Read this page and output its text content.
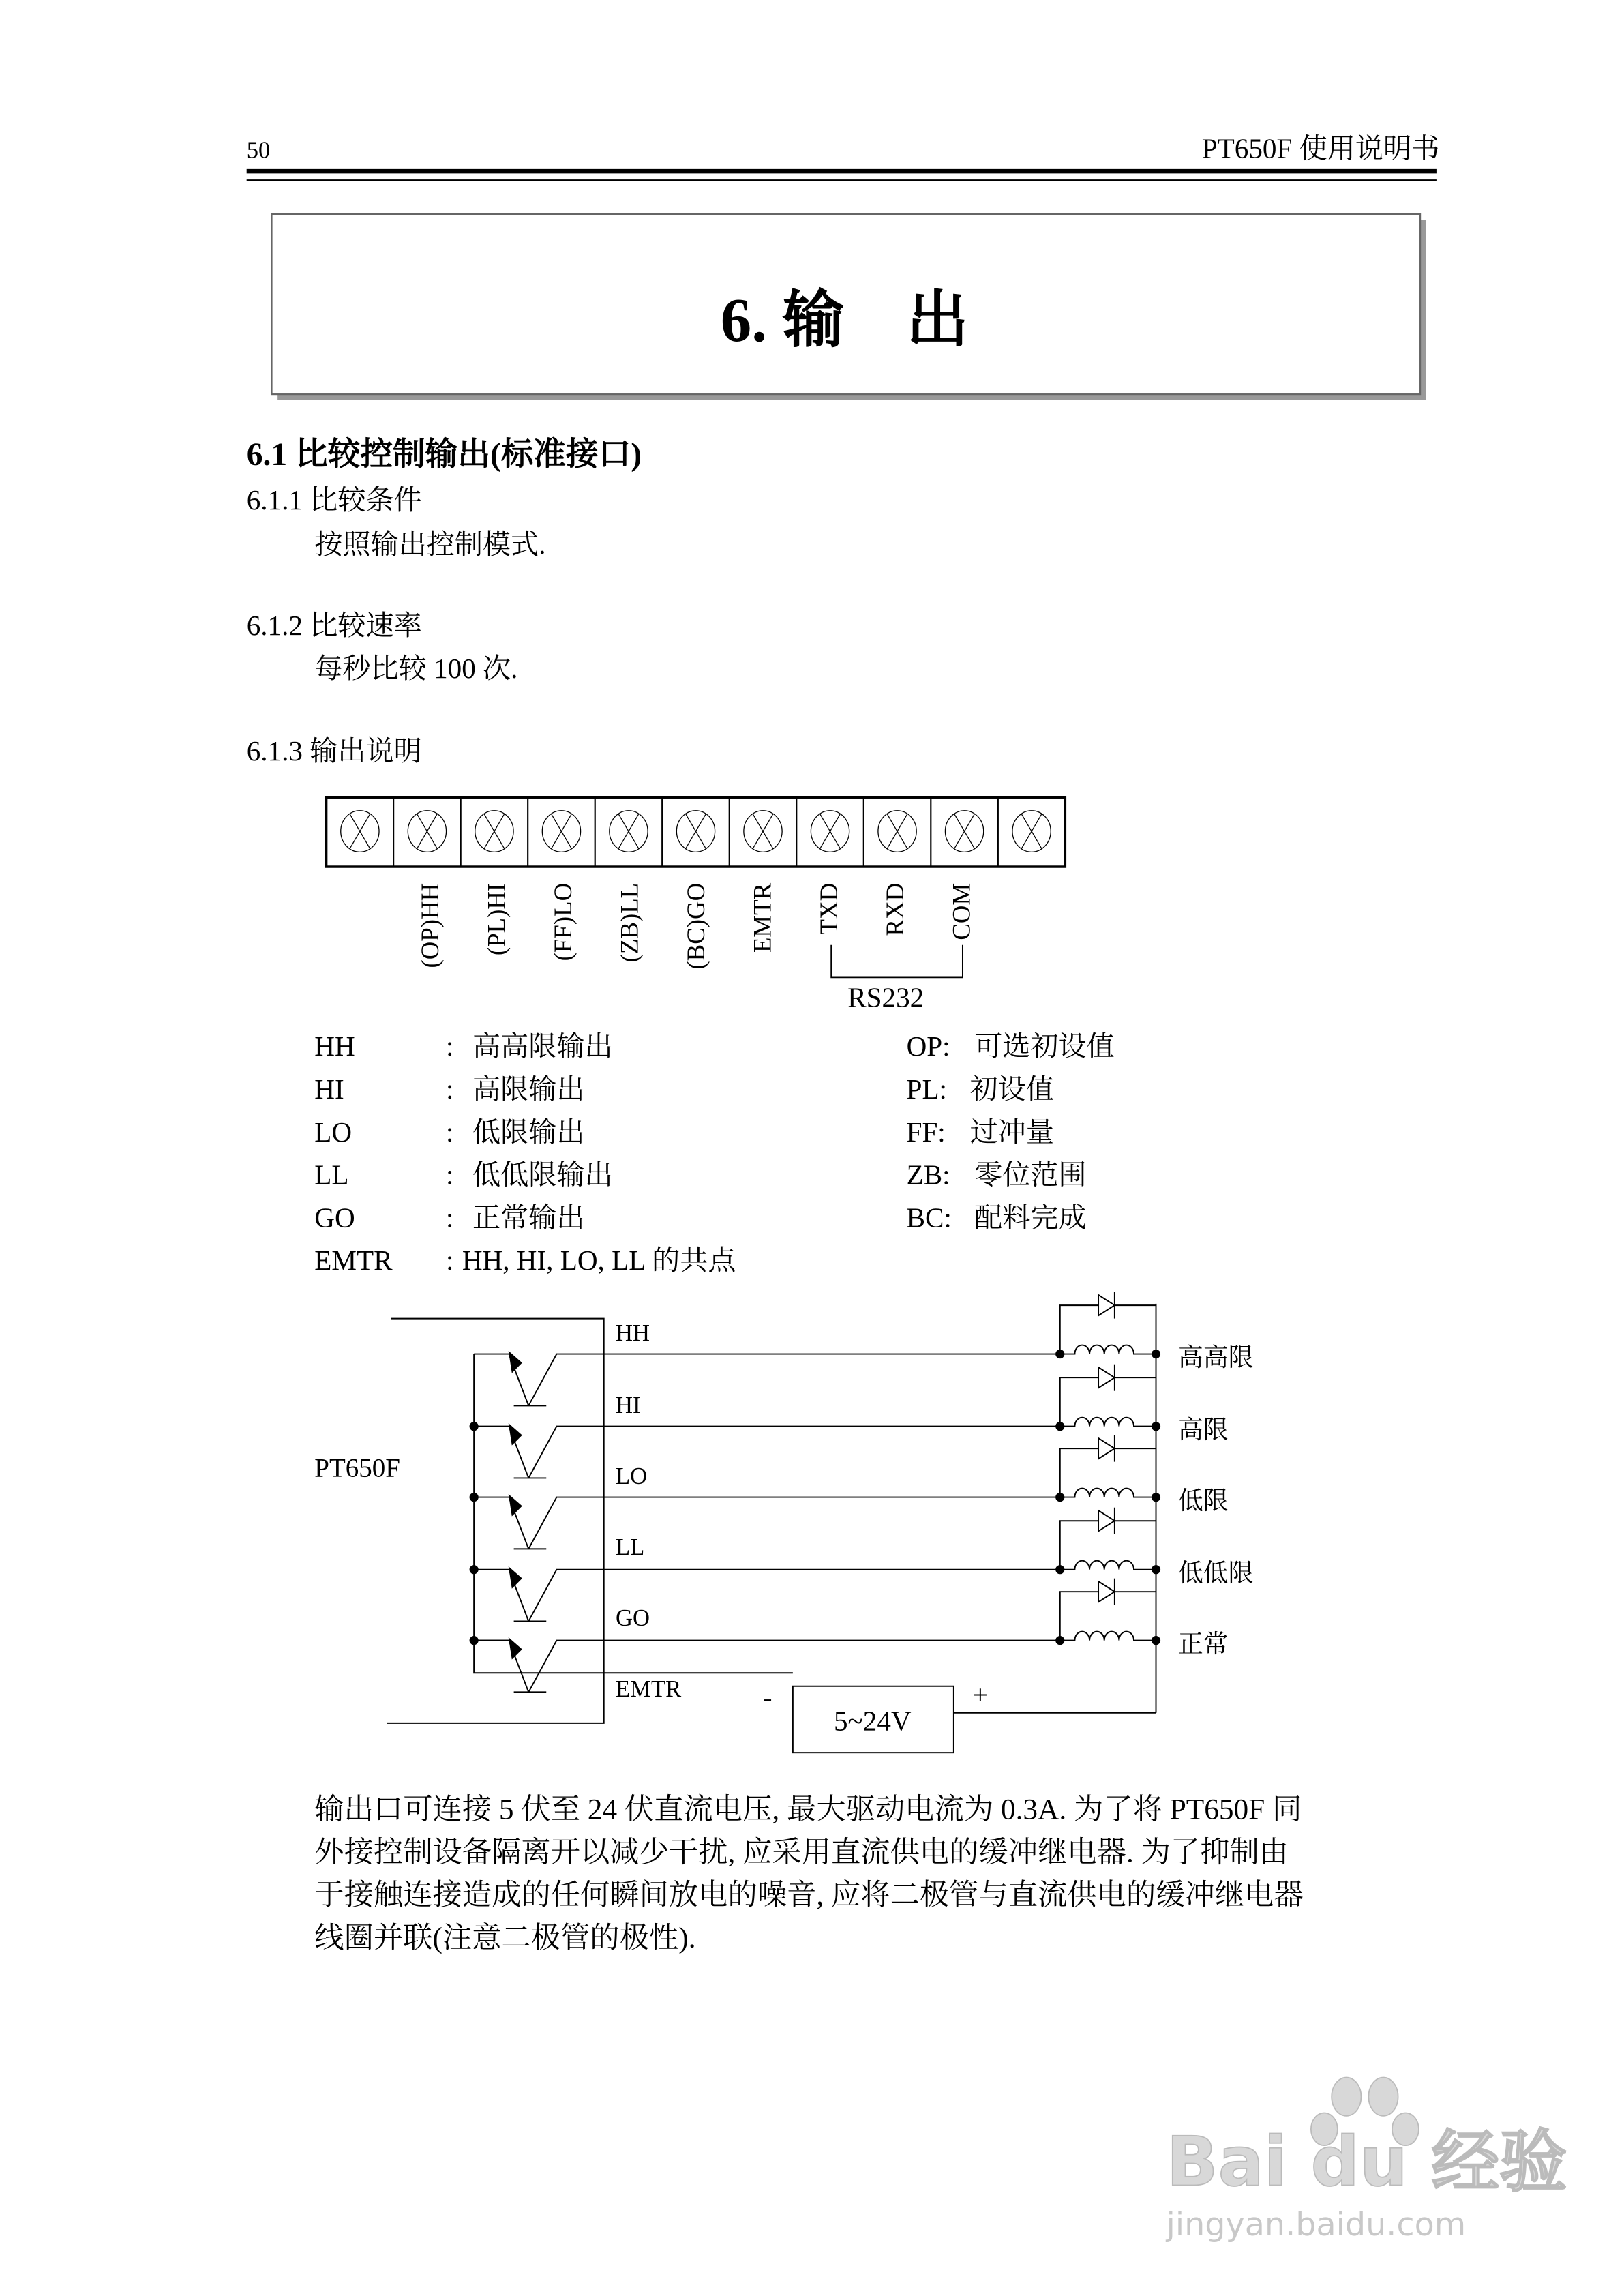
50	PT650F 使用说明书
6. 输　出
6.1 比较控制输出(标准接口)
6.1.1 比较条件
按照输出控制模式.
6.1.2 比较速率
每秒比较 100 次.
6.1.3 输出说明
(OP)HH	(PL)HI	(FF)LO	(ZB)LL	(BC)GO	EMTR	TXD	RXD	COM
RS232
HH	: 高高限输出
HI	: 高限输出
LO	: 低限输出
LL	: 低低限输出
GO	: 正常输出
EMTR	: HH, HI, LO, LL 的共点
OP: 可选初设值
PL: 初设值
FF: 过冲量
ZB: 零位范围
BC: 配料完成
PT650F
HH
HI
LO
LL
GO
EMTR
高高限
高限
低限
低低限
正常
5~24V
-	+
输出口可连接 5 伏至 24 伏直流电压, 最大驱动电流为 0.3A. 为了将 PT650F 同
外接控制设备隔离开以减少干扰, 应采用直流供电的缓冲继电器. 为了抑制由
于接触连接造成的任何瞬间放电的噪音, 应将二极管与直流供电的缓冲继电器
线圈并联(注意二极管的极性).
Bai du 经验
jingyan.baidu.com
